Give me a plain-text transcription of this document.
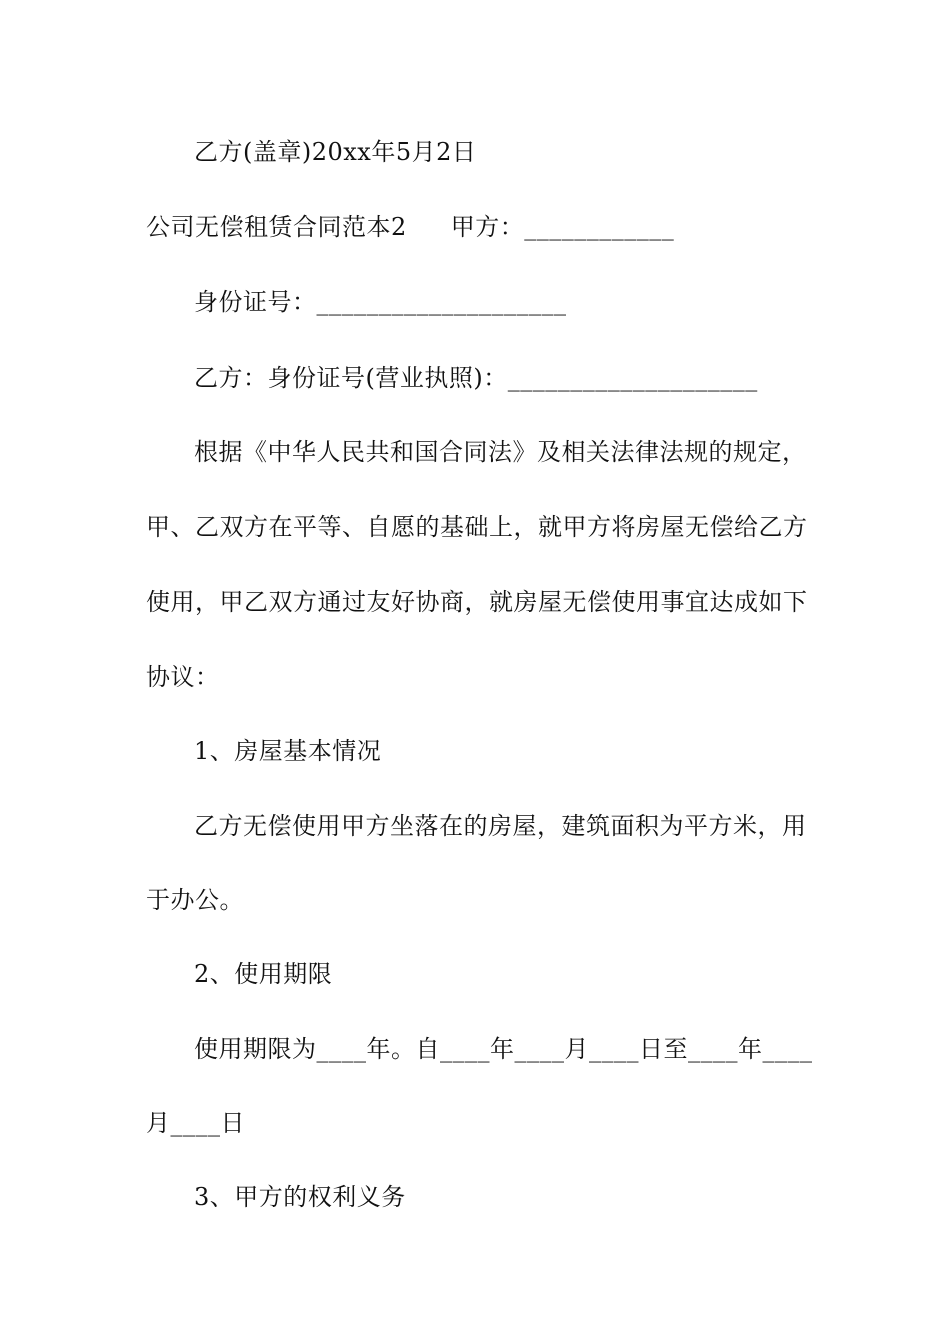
乙方(盖章)20xx年5月2日
公司无偿租赁合同范本2 甲方：____________
身份证号：____________________
乙方：身份证号(营业执照)：____________________
根据《中华人民共和国合同法》及相关法律法规的规定，
甲、乙双方在平等、自愿的基础上，就甲方将房屋无偿给乙方
使用，甲乙双方通过友好协商，就房屋无偿使用事宜达成如下
协议：
1、房屋基本情况
乙方无偿使用甲方坐落在的房屋，建筑面积为平方米，用
于办公。
2、使用期限
使用期限为____年。自____年____月____日至____年____
月____日
3、甲方的权利义务
